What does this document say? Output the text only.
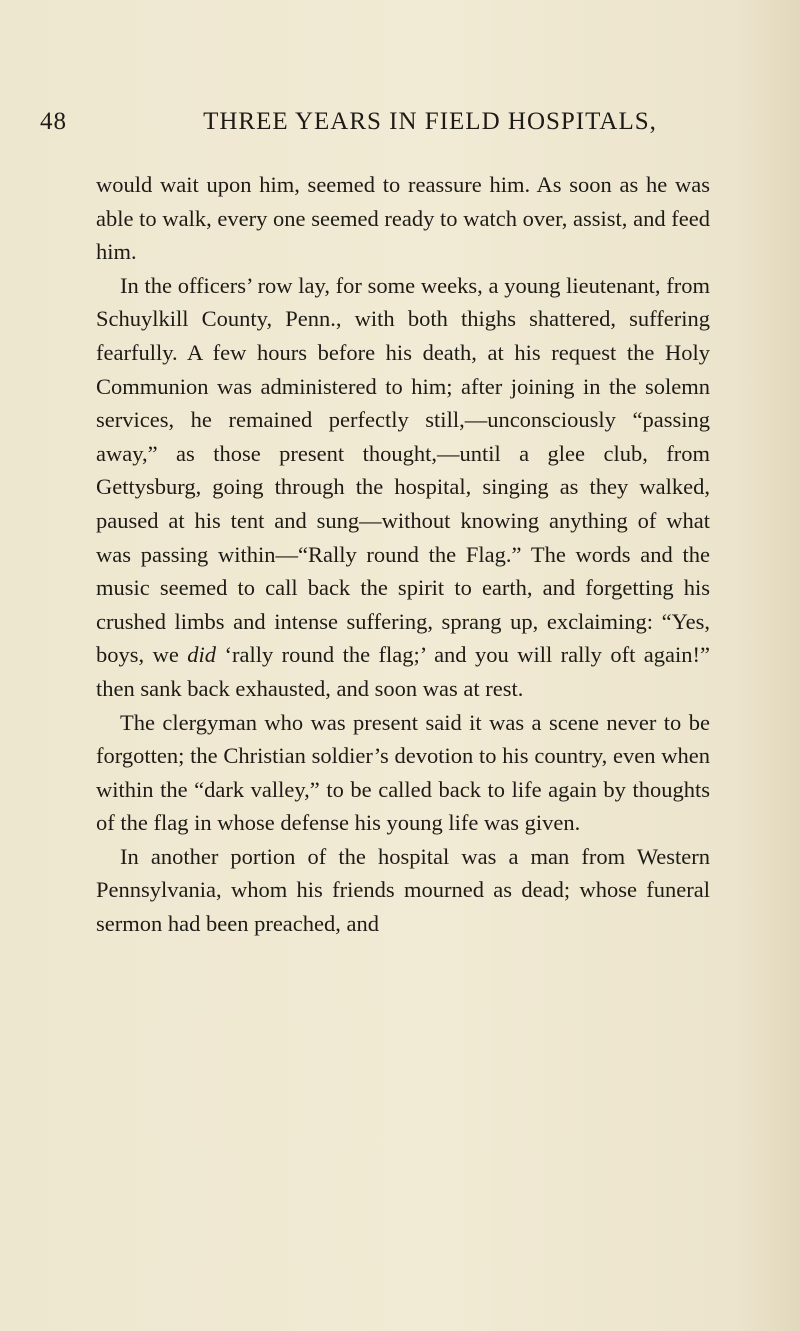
48	THREE YEARS IN FIELD HOSPITALS,

would wait upon him, seemed to reassure him. As soon as he was able to walk, every one seemed ready to watch over, assist, and feed him.

In the officers’ row lay, for some weeks, a young lieutenant, from Schuylkill County, Penn., with both thighs shattered, suffering fearfully. A few hours before his death, at his request the Holy Communion was administered to him; after joining in the solemn services, he remained perfectly still,—unconsciously “passing away,” as those present thought,—until a glee club, from Gettysburg, going through the hospital, singing as they walked, paused at his tent and sung—without knowing anything of what was passing within—“Rally round the Flag.” The words and the music seemed to call back the spirit to earth, and forgetting his crushed limbs and intense suffering, sprang up, exclaiming: “Yes, boys, we did ‘rally round the flag;’ and you will rally oft again!” then sank back exhausted, and soon was at rest.

The clergyman who was present said it was a scene never to be forgotten; the Christian soldier’s devotion to his country, even when within the “dark valley,” to be called back to life again by thoughts of the flag in whose defense his young life was given.

In another portion of the hospital was a man from Western Pennsylvania, whom his friends mourned as dead; whose funeral sermon had been preached, and
